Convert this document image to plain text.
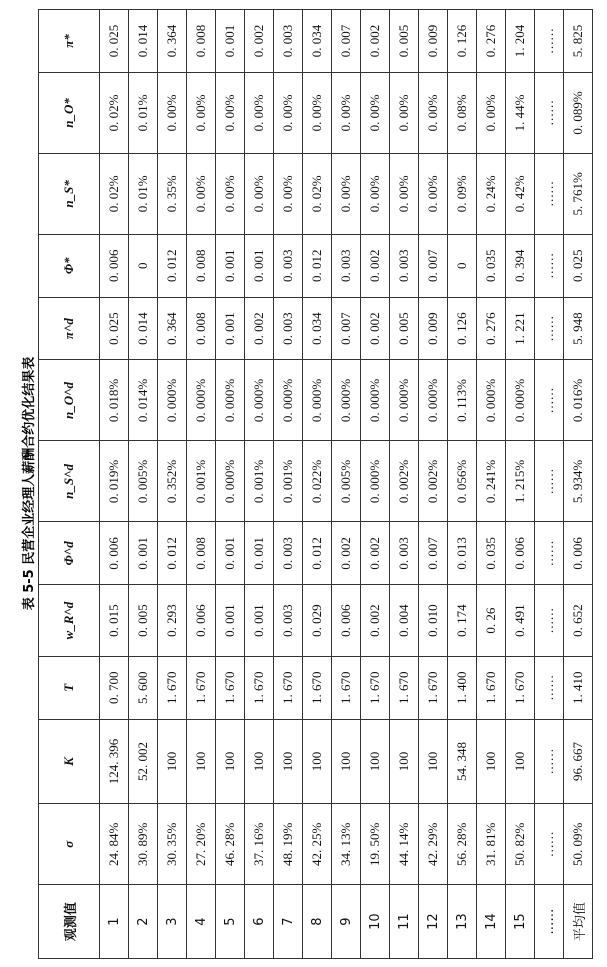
表 5-5 民营企业经理人薪酬合约优化结果表
观测值	σ	K	T	w_R^d	Φ^d	n_S^d	n_O^d	π^d	Φ*	n_S*	n_O*	π*
1	24. 84%	124. 396	0. 700	0. 015	0. 006	0. 019%	0. 018%	0. 025	0. 006	0. 02%	0. 02%	0. 025
2	30. 89%	52. 002	5. 600	0. 005	0. 001	0. 005%	0. 014%	0. 014	0	0. 01%	0. 01%	0. 014
3	30. 35%	100	1. 670	0. 293	0. 012	0. 352%	0. 000%	0. 364	0. 012	0. 35%	0. 00%	0. 364
4	27. 20%	100	1. 670	0. 006	0. 008	0. 001%	0. 000%	0. 008	0. 008	0. 00%	0. 00%	0. 008
5	46. 28%	100	1. 670	0. 001	0. 001	0. 000%	0. 000%	0. 001	0. 001	0. 00%	0. 00%	0. 001
6	37. 16%	100	1. 670	0. 001	0. 001	0. 001%	0. 000%	0. 002	0. 001	0. 00%	0. 00%	0. 002
7	48. 19%	100	1. 670	0. 003	0. 003	0. 001%	0. 000%	0. 003	0. 003	0. 00%	0. 00%	0. 003
8	42. 25%	100	1. 670	0. 029	0. 012	0. 022%	0. 000%	0. 034	0. 012	0. 02%	0. 00%	0. 034
9	34. 13%	100	1. 670	0. 006	0. 002	0. 005%	0. 000%	0. 007	0. 003	0. 00%	0. 00%	0. 007
10	19. 50%	100	1. 670	0. 002	0. 002	0. 000%	0. 000%	0. 002	0. 002	0. 00%	0. 00%	0. 002
11	44. 14%	100	1. 670	0. 004	0. 003	0. 002%	0. 000%	0. 005	0. 003	0. 00%	0. 00%	0. 005
12	42. 29%	100	1. 670	0. 010	0. 007	0. 002%	0. 000%	0. 009	0. 007	0. 00%	0. 00%	0. 009
13	56. 28%	54. 348	1. 400	0. 174	0. 013	0. 056%	0. 113%	0. 126	0	0. 09%	0. 08%	0. 126
14	31. 81%	100	1. 670	0. 26	0. 035	0. 241%	0. 000%	0. 276	0. 035	0. 24%	0. 00%	0. 276
15	50. 82%	100	1. 670	0. 491	0. 006	1. 215%	0. 000%	1. 221	0. 394	0. 42%	1. 44%	1. 204
……	……	……	……	……	……	……	……	……	……	……	……	……
平均值	50. 09%	96. 667	1. 410	0. 652	0. 006	5. 934%	0. 016%	5. 948	0. 025	5. 761%	0. 089%	5. 825
